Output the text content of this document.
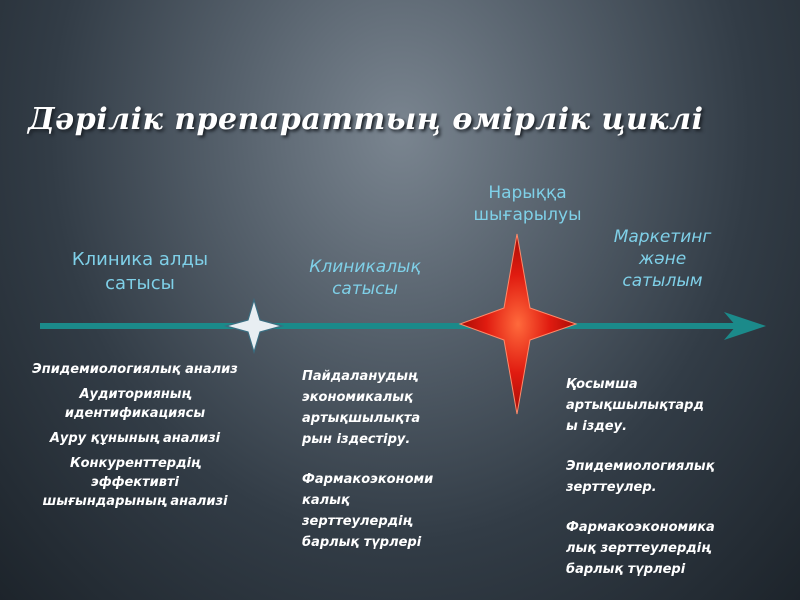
Дәрілік препараттың өмірлік циклі
Клиника алды
сатысы
Клиникалық
сатысы
Нарыққа
шығарылуы
Маркетинг
және
сатылым
Эпидемиологиялық анализ
Аудиторияның
идентификациясы
Ауру құнының анализі
Конкуренттердің
эффективті
шығындарының анализі
Пайдаланудың
экономикалық
артықшылықта
рын іздестіру.
Фармакоэкономи
калық
зерттеулердің
барлық түрлері
Қосымша
артықшылықтард
ы іздеу.
Эпидемиологиялық
зерттеулер.
Фармакоэкономика
лық зерттеулердің
барлық түрлері
